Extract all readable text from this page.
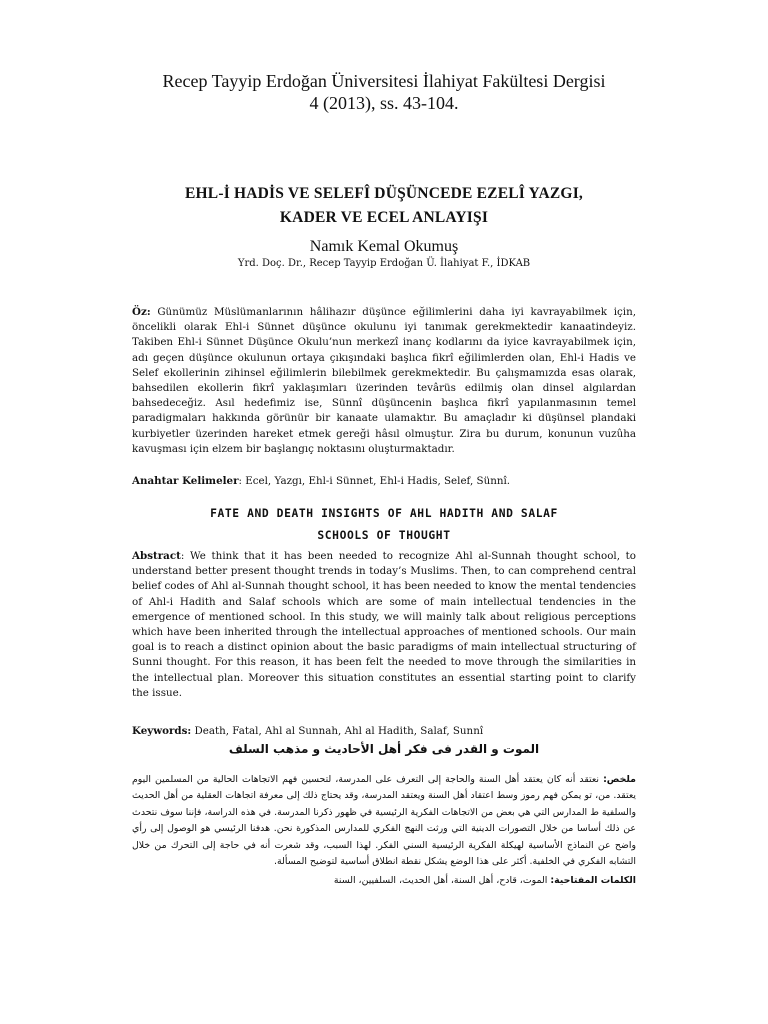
Recep Tayyip Erdoğan Üniversitesi İlahiyat Fakültesi Dergisi
4 (2013), ss. 43-104.
EHL-İ HADİS VE SELEFÎ DÜŞÜNCEDE EZELÎ YAZGI,
KADER VE ECEL ANLAYIŞI
Namık Kemal Okumuş
Yrd. Doç. Dr., Recep Tayyip Erdoğan Ü. İlahiyat F., İDKAB
Öz: Günümüz Müslümanlarının hâlihazır düşünce eğilimlerini daha iyi kavrayabilmek için, öncelikli olarak Ehl-i Sünnet düşünce okulunu iyi tanımak gerekmektedir kanaatindeyiz. Takiben Ehl-i Sünnet Düşünce Okulu’nun merkezî inanç kodlarını da iyice kavrayabilmek için, adı geçen düşünce okulunun ortaya çıkışındaki başlıca fikrî eğilimlerden olan, Ehl-i Hadis ve Selef ekollerinin zihinsel eğilimlerin bilebilmek gerekmektedir. Bu çalışmamızda esas olarak, bahsedilen ekollerin fikrî yaklaşımları üzerinden tevârüs edilmiş olan dinsel algılardan bahsedeceğiz. Asıl hedefimiz ise, Sünnî düşüncenin başlıca fikrî yapılanmasının temel paradigmaları hakkında görünür bir kanaate ulamaktır. Bu amaçladır ki düşünsel plandaki kurbiyetler üzerinden hareket etmek gereği hâsıl olmuştur. Zira bu durum, konunun vuzûha kavuşması için elzem bir başlangıç noktasını oluşturmaktadır.
Anahtar Kelimeler: Ecel, Yazgı, Ehl-i Sünnet, Ehl-i Hadis, Selef, Sünnî.
FATE AND DEATH INSIGHTS OF AHL HADITH AND SALAF
SCHOOLS OF THOUGHT
Abstract: We think that it has been needed to recognize Ahl al-Sunnah thought school, to understand better present thought trends in today’s Muslims. Then, to can comprehend central belief codes of Ahl al-Sunnah thought school, it has been needed to know the mental tendencies of Ahl-i Hadith and Salaf schools which are some of main intellectual tendencies in the emergence of mentioned school. In this study, we will mainly talk about religious perceptions which have been inherited through the intellectual approaches of mentioned schools. Our main goal is to reach a distinct opinion about the basic paradigms of main intellectual structuring of Sunni thought. For this reason, it has been felt the needed to move through the similarities in the intellectual plan. Moreover this situation constitutes an essential starting point to clarify the issue.
Keywords: Death, Fatal, Ahl al Sunnah, Ahl al Hadith, Salaf, Sunnî
الموت و القدر فى فكر أهل الأحاديث و مذهب السلف
ملخص: نعتقد أنه كان يعتقد أهل السنة والحاجة إلى التعرف على المدرسة، لتحسين فهم الاتجاهات الحالية من المسلمين اليوم يعتقد. من، تو يمكن فهم رموز وسط اعتقاد أهل السنة ويعتقد المدرسة، وقد يحتاج ذلك إلى معرفة اتجاهات العقلية من أهل الحديث والسلفية ط المدارس التي هي بعض من الاتجاهات الفكرية الرئيسية في ظهور ذكرنا المدرسة. في هذه الدراسة، فإننا سوف نتحدث عن ذلك أساسا من خلال التصورات الدينية التي ورثت النهج الفكري للمدارس المذكورة نحن. هدفنا الرئيسي هو الوصول إلى رأي واضح عن النماذج الأساسية لهيكلة الفكرية الرئيسية السني الفكر. لهذا السبب، وقد شعرت أنه في حاجة إلى التحرك من خلال التشابه الفكري في الخلفية. أكثر على هذا الوضع يشكل نقطة انطلاق أساسية لتوضيح المسألة.
الكلمات المفتاحية: الموت، قادح، أهل السنة، أهل الحديث، السلفيين، السنة
